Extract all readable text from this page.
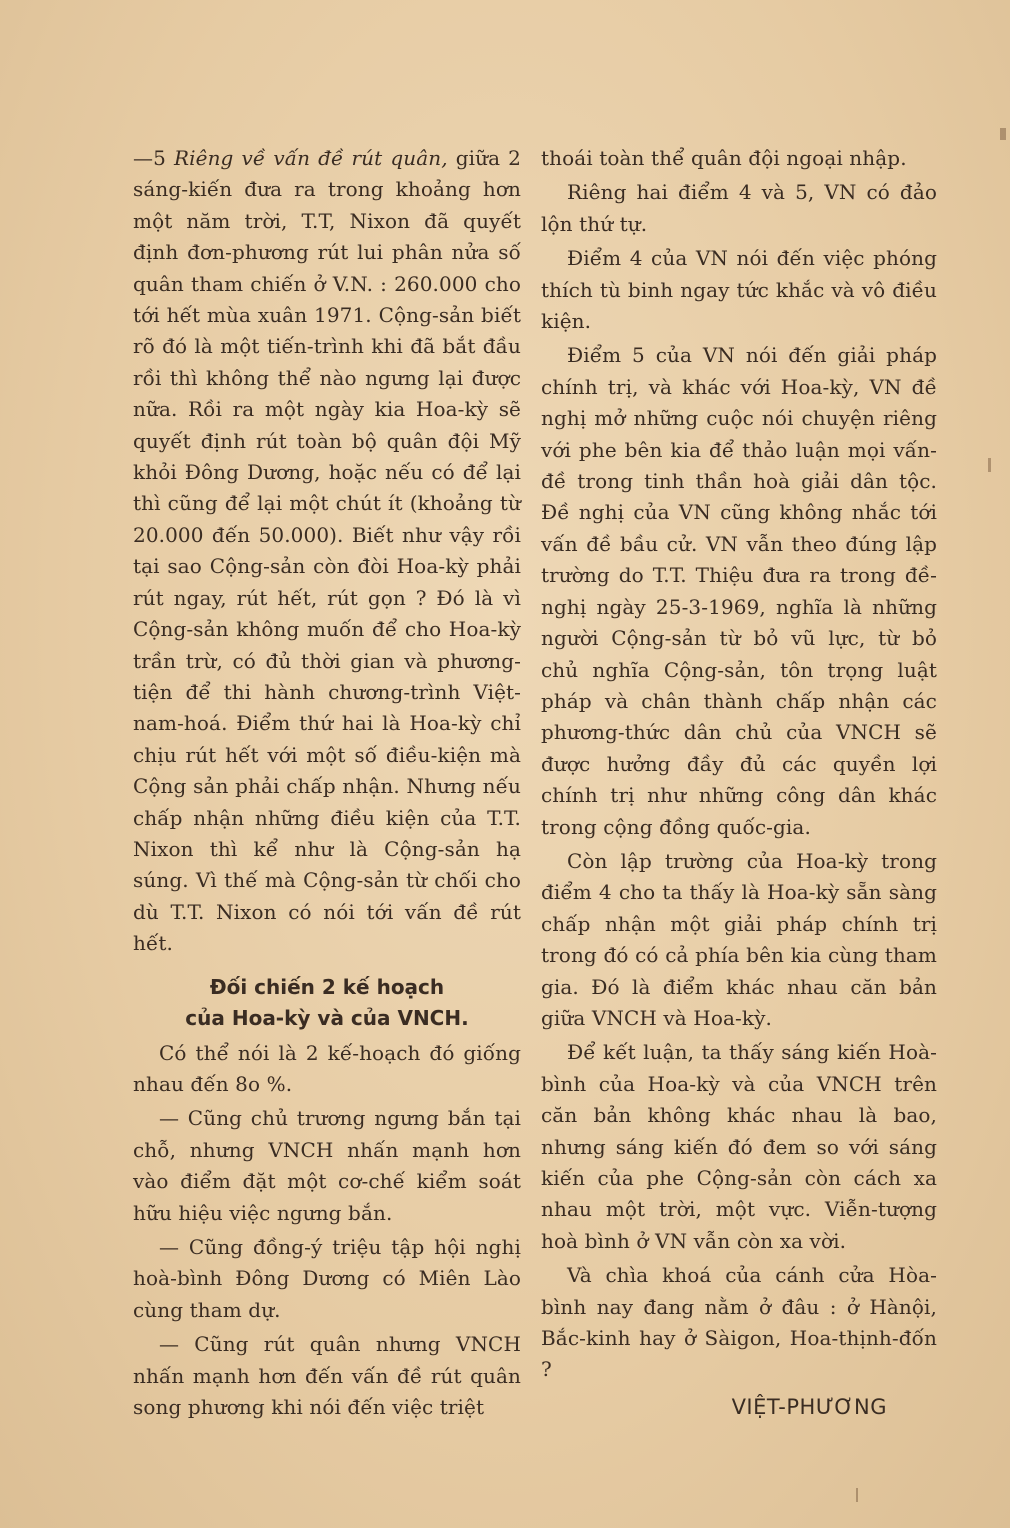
—5 Riêng về vấn đề rút quân, giữa 2 sáng-kiến đưa ra trong khoảng hơn một năm trời, T.T, Nixon đã quyết định đơn-phương rút lui phân nửa số quân tham chiến ở V.N. : 260.000 cho tới hết mùa xuân 1971. Cộng-sản biết rõ đó là một tiến-trình khi đã bắt đầu rồi thì không thể nào ngưng lại được nữa. Rồi ra một ngày kia Hoa-kỳ sẽ quyết định rút toàn bộ quân đội Mỹ khỏi Đông Dương, hoặc nếu có để lại thì cũng để lại một chút ít (khoảng từ 20.000 đến 50.000). Biết như vậy rồi tại sao Cộng-sản còn đòi Hoa-kỳ phải rút ngay, rút hết, rút gọn ? Đó là vì Cộng-sản không muốn để cho Hoa-kỳ trần trừ, có đủ thời gian và phương-tiện để thi hành chương-trình Việt-nam-hoá. Điểm thứ hai là Hoa-kỳ chỉ chịu rút hết với một số điều-kiện mà Cộng sản phải chấp nhận. Nhưng nếu chấp nhận những điều kiện của T.T. Nixon thì kể như là Cộng-sản hạ súng. Vì thế mà Cộng-sản từ chối cho dù T.T. Nixon có nói tới vấn đề rút hết.

Đối chiến 2 kế hoạch
của Hoa-kỳ và của VNCH.

Có thể nói là 2 kế-hoạch đó giống nhau đến 8o %.

— Cũng chủ trương ngưng bắn tại chỗ, nhưng VNCH nhấn mạnh hơn vào điểm đặt một cơ-chế kiểm soát hữu hiệu việc ngưng bắn.

— Cũng đồng-ý triệu tập hội nghị hoà-bình Đông Dương có Miên Lào cùng tham dự.

— Cũng rút quân nhưng VNCH nhấn mạnh hơn đến vấn đề rút quân song phương khi nói đến việc triệt

thoái toàn thể quân đội ngoại nhập.

Riêng hai điểm 4 và 5, VN có đảo lộn thứ tự.

Điểm 4 của VN nói đến việc phóng thích tù binh ngay tức khắc và vô điều kiện.

Điểm 5 của VN nói đến giải pháp chính trị, và khác với Hoa-kỳ, VN đề nghị mở những cuộc nói chuyện riêng với phe bên kia để thảo luận mọi vấn-đề trong tinh thần hoà giải dân tộc. Đề nghị của VN cũng không nhắc tới vấn đề bầu cử. VN vẫn theo đúng lập trường do T.T. Thiệu đưa ra trong đề-nghị ngày 25-3-1969, nghĩa là những người Cộng-sản từ bỏ vũ lực, từ bỏ chủ nghĩa Cộng-sản, tôn trọng luật pháp và chân thành chấp nhận các phương-thức dân chủ của VNCH sẽ được hưởng đầy đủ các quyền lợi chính trị như những công dân khác trong cộng đồng quốc-gia.

Còn lập trường của Hoa-kỳ trong điểm 4 cho ta thấy là Hoa-kỳ sẵn sàng chấp nhận một giải pháp chính trị trong đó có cả phía bên kia cùng tham gia. Đó là điểm khác nhau căn bản giữa VNCH và Hoa-kỳ.

Để kết luận, ta thấy sáng kiến Hoà-bình của Hoa-kỳ và của VNCH trên căn bản không khác nhau là bao, nhưng sáng kiến đó đem so với sáng kiến của phe Cộng-sản còn cách xa nhau một trời, một vực. Viễn-tượng hoà bình ở VN vẫn còn xa vời.

Và chìa khoá của cánh cửa Hòa-bình nay đang nằm ở đâu : ở Hànội, Bắc-kinh hay ở Sàigon, Hoa-thịnh-đốn ?

VIỆT-PHƯƠNG
